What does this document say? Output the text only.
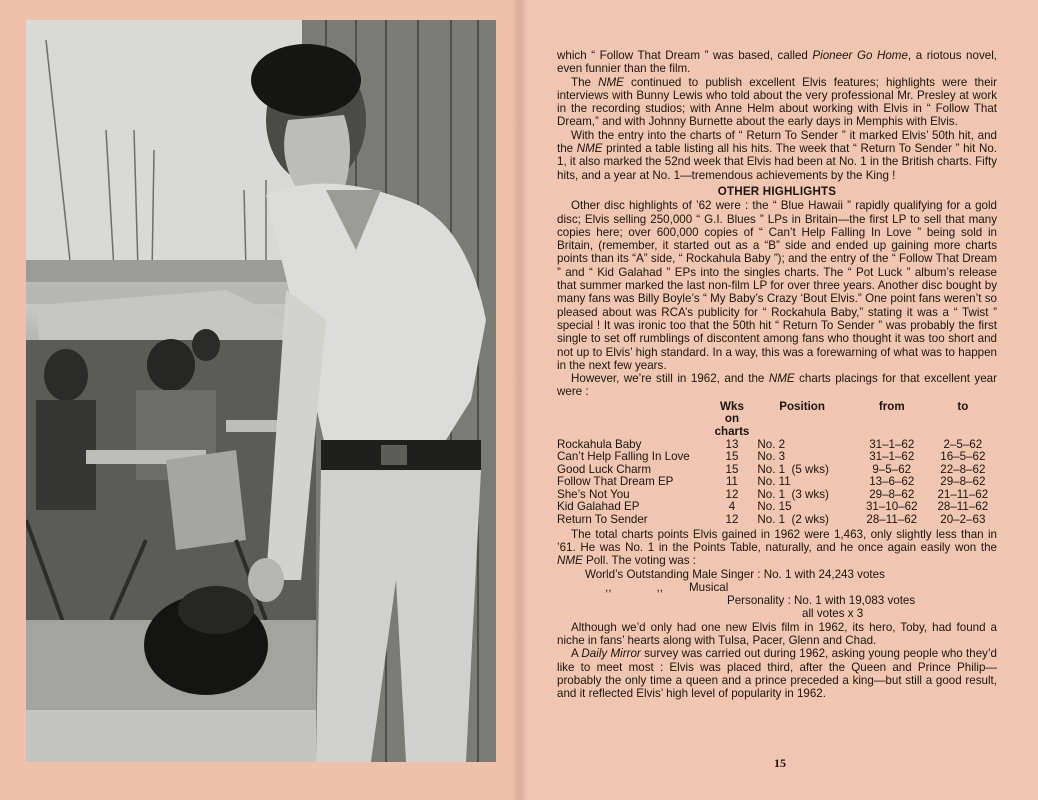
which “ Follow That Dream ” was based, called Pioneer Go Home, a riotous novel, even funnier than the film.

The NME continued to publish excellent Elvis features; highlights were their interviews with Bunny Lewis who told about the very professional Mr. Presley at work in the recording studios; with Anne Helm about working with Elvis in “ Follow That Dream,” and with Johnny Burnette about the early days in Memphis with Elvis.

With the entry into the charts of “ Return To Sender ” it marked Elvis’ 50th hit, and the NME printed a table listing all his hits. The week that “ Return To Sender ” hit No. 1, it also marked the 52nd week that Elvis had been at No. 1 in the British charts. Fifty hits, and a year at No. 1—tremendous achievements by the King !

OTHER HIGHLIGHTS

Other disc highlights of ’62 were : the “ Blue Hawaii ” rapidly qualifying for a gold disc; Elvis selling 250,000 “ G.I. Blues ” LPs in Britain—the first LP to sell that many copies here; over 600,000 copies of “ Can’t Help Falling In Love ” being sold in Britain, (remember, it started out as a “B” side and ended up gaining more charts points than its “A” side, “ Rockahula Baby ”); and the entry of the “ Follow That Dream ” and “ Kid Galahad ” EPs into the singles charts. The “ Pot Luck ” album’s release that summer marked the last non-film LP for over three years. Another disc bought by many fans was Billy Boyle’s “ My Baby’s Crazy ‘Bout Elvis.” One point fans weren’t so pleased about was RCA’s publicity for “ Rockahula Baby,” stating it was a “ Twist ” special ! It was ironic too that the 50th hit “ Return To Sender ” was probably the first single to set off rumblings of discontent among fans who thought it was too short and not up to Elvis’ high standard. In a way, this was a forewarning of what was to happen in the next few years.

However, we’re still in 1962, and the NME charts placings for that excellent year were :

	Wks on charts	Position	from	to
Rockahula Baby	13	No. 2	31–1–62	2–5–62
Can’t Help Falling In Love	15	No. 3	31–1–62	16–5–62
Good Luck Charm	15	No. 1  (5 wks)	9–5–62	22–8–62
Follow That Dream EP	11	No. 11	13–6–62	29–8–62
She’s Not You	12	No. 1  (3 wks)	29–8–62	21–11–62
Kid Galahad EP	4	No. 15	31–10–62	28–11–62
Return To Sender	12	No. 1  (2 wks)	28–11–62	20–2–63

The total charts points Elvis gained in 1962 were 1,463, only slightly less than in ’61. He was No. 1 in the Points Table, naturally, and he once again easily won the NME Poll. The voting was :

World’s Outstanding Male Singer : No. 1 with 24,243 votes
,,              ,, Musical
Personality : No. 1 with 19,083 votes
all votes x 3

Although we’d only had one new Elvis film in 1962, its hero, Toby, had found a niche in fans’ hearts along with Tulsa, Pacer, Glenn and Chad.

A Daily Mirror survey was carried out during 1962, asking young people who they’d like to meet most : Elvis was placed third, after the Queen and Prince Philip—probably the only time a queen and a prince preceded a king—but still a good result, and it reflected Elvis’ high level of popularity in 1962.

15
